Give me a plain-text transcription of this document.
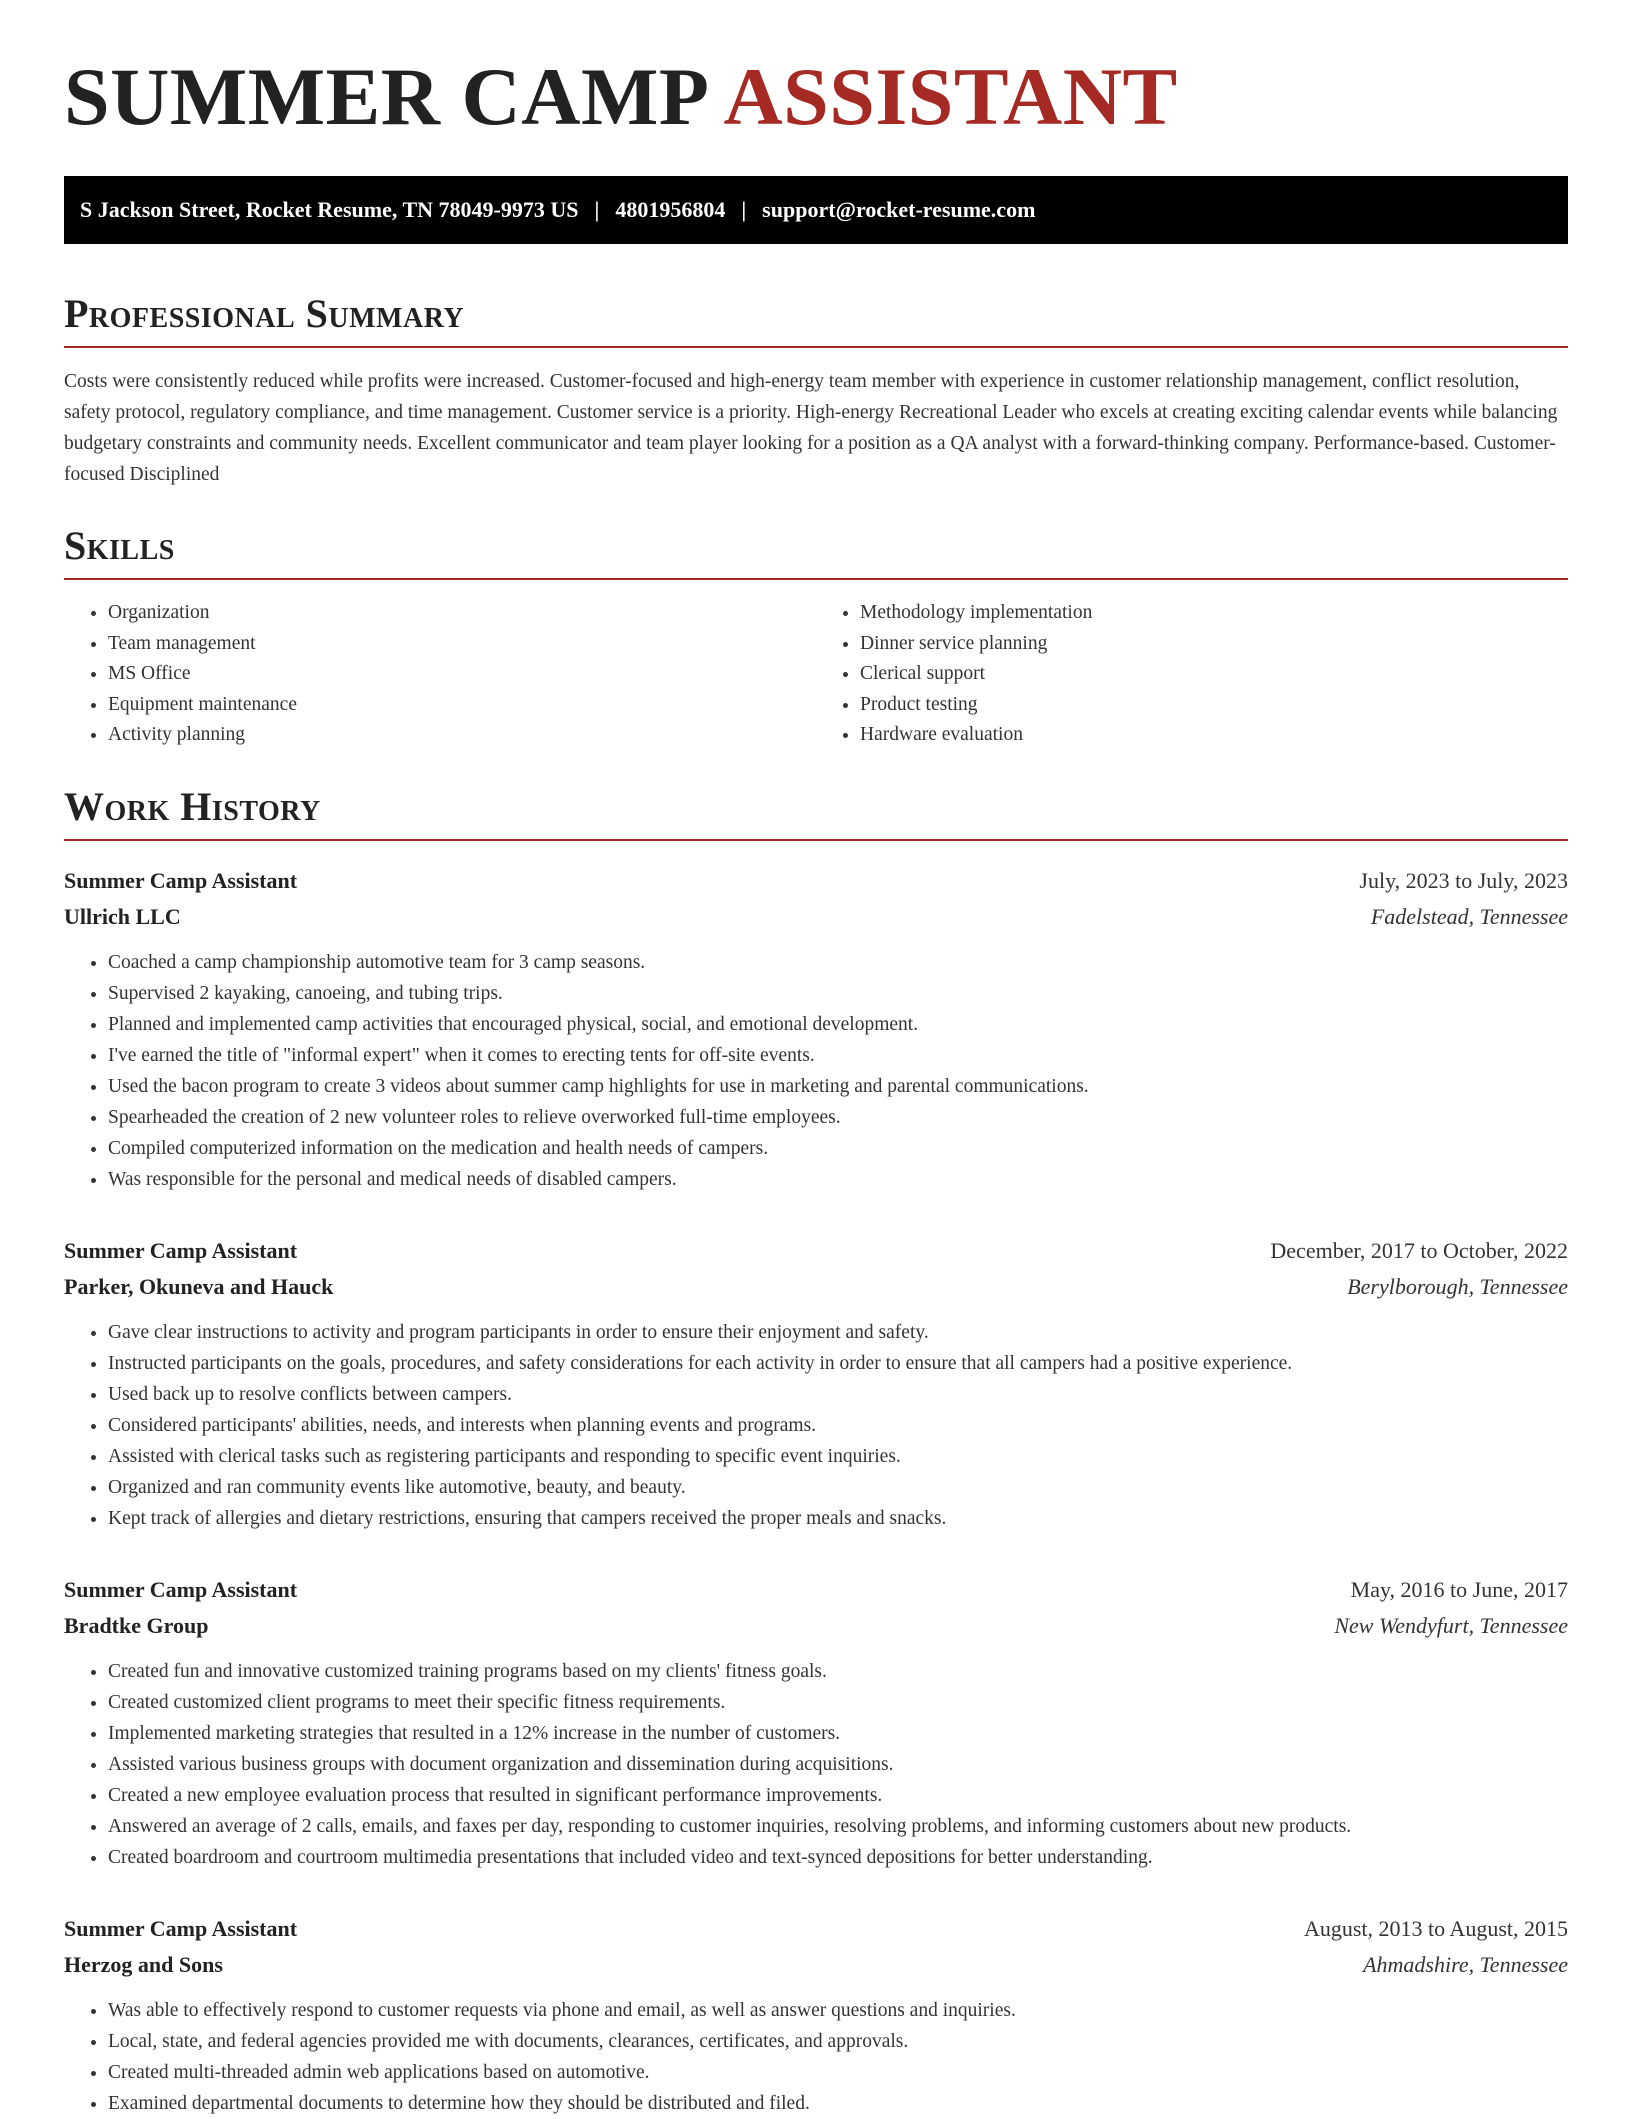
SUMMER CAMP ASSISTANT
S Jackson Street, Rocket Resume, TN 78049-9973 US | 4801956804 | support@rocket-resume.com
Professional Summary

Costs were consistently reduced while profits were increased. Customer-focused and high-energy team member with experience in customer relationship management, conflict resolution, safety protocol, regulatory compliance, and time management. Customer service is a priority. High-energy Recreational Leader who excels at creating exciting calendar events while balancing budgetary constraints and community needs. Excellent communicator and team player looking for a position as a QA analyst with a forward-thinking company. Performance-based. Customer-focused Disciplined

Skills
• Organization
• Team management
• MS Office
• Equipment maintenance
• Activity planning
• Methodology implementation
• Dinner service planning
• Clerical support
• Product testing
• Hardware evaluation
Work History
Summer Camp Assistant	July, 2023 to July, 2023
Ullrich LLC	Fadelstead, Tennessee
• Coached a camp championship automotive team for 3 camp seasons.
• Supervised 2 kayaking, canoeing, and tubing trips.
• Planned and implemented camp activities that encouraged physical, social, and emotional development.
• I've earned the title of "informal expert" when it comes to erecting tents for off-site events.
• Used the bacon program to create 3 videos about summer camp highlights for use in marketing and parental communications.
• Spearheaded the creation of 2 new volunteer roles to relieve overworked full-time employees.
• Compiled computerized information on the medication and health needs of campers.
• Was responsible for the personal and medical needs of disabled campers.
Summer Camp Assistant	December, 2017 to October, 2022
Parker, Okuneva and Hauck	Berylborough, Tennessee
• Gave clear instructions to activity and program participants in order to ensure their enjoyment and safety.
• Instructed participants on the goals, procedures, and safety considerations for each activity in order to ensure that all campers had a positive experience.
• Used back up to resolve conflicts between campers.
• Considered participants' abilities, needs, and interests when planning events and programs.
• Assisted with clerical tasks such as registering participants and responding to specific event inquiries.
• Organized and ran community events like automotive, beauty, and beauty.
• Kept track of allergies and dietary restrictions, ensuring that campers received the proper meals and snacks.
Summer Camp Assistant	May, 2016 to June, 2017
Bradtke Group	New Wendyfurt, Tennessee
• Created fun and innovative customized training programs based on my clients' fitness goals.
• Created customized client programs to meet their specific fitness requirements.
• Implemented marketing strategies that resulted in a 12% increase in the number of customers.
• Assisted various business groups with document organization and dissemination during acquisitions.
• Created a new employee evaluation process that resulted in significant performance improvements.
• Answered an average of 2 calls, emails, and faxes per day, responding to customer inquiries, resolving problems, and informing customers about new products.
• Created boardroom and courtroom multimedia presentations that included video and text-synced depositions for better understanding.
Summer Camp Assistant	August, 2013 to August, 2015
Herzog and Sons	Ahmadshire, Tennessee
• Was able to effectively respond to customer requests via phone and email, as well as answer questions and inquiries.
• Local, state, and federal agencies provided me with documents, clearances, certificates, and approvals.
• Created multi-threaded admin web applications based on automotive.
• Examined departmental documents to determine how they should be distributed and filed.
